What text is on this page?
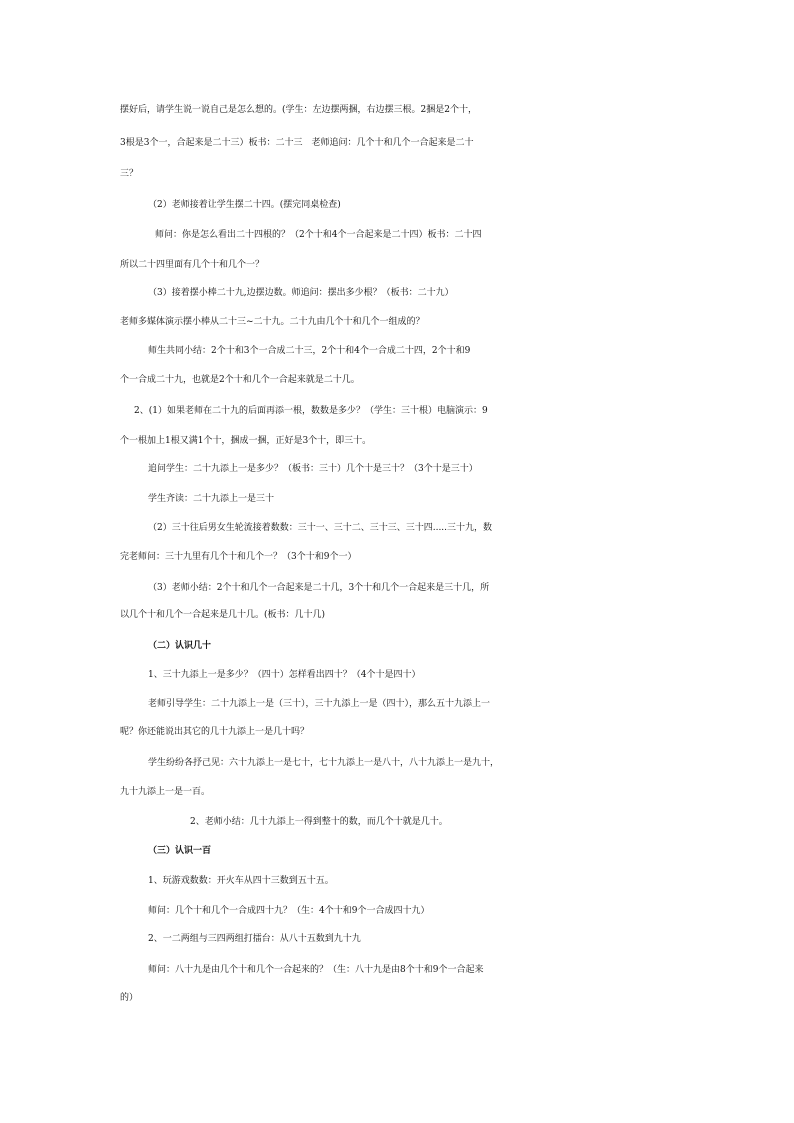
摆好后，请学生说一说自己是怎么想的。(学生：左边摆两捆，右边摆三根。2捆是2个十，
3根是3个一，合起来是二十三）板书：二十三　老师追问：几个十和几个一合起来是二十
三？
（2）老师接着让学生摆二十四。(摆完同桌检查)
师问：你是怎么看出二十四根的？（2个十和4个一合起来是二十四）板书：二十四
所以二十四里面有几个十和几个一？
（3）接着摆小棒二十九,边摆边数。师追问：摆出多少根？（板书：二十九）
老师多媒体演示摆小棒从二十三~二十九。二十九由几个十和几个一组成的？
师生共同小结：2个十和3个一合成二十三，2个十和4个一合成二十四，2个十和9
个一合成二十九，也就是2个十和几个一合起来就是二十几。
2、(1）如果老师在二十九的后面再添一根，数数是多少？（学生：三十根）电脑演示：9
个一根加上1根又满1个十，捆成一捆，正好是3个十，即三十。
追问学生：二十九添上一是多少？（板书：三十）几个十是三十？（3个十是三十）
学生齐读：二十九添上一是三十
（2）三十往后男女生轮流接着数数：三十一、三十二、三十三、三十四.....三十九，数
完老师问：三十九里有几个十和几个一？（3个十和9个一）
（3）老师小结：2个十和几个一合起来是二十几，3个十和几个一合起来是三十几，所
以几个十和几个一合起来是几十几。(板书：几十几)
（二）认识几十
1、三十九添上一是多少？（四十）怎样看出四十？（4个十是四十）
老师引导学生：二十九添上一是（三十），三十九添上一是（四十），那么五十九添上一
呢？你还能说出其它的几十九添上一是几十吗？
学生纷纷各抒己见：六十九添上一是七十，七十九添上一是八十，八十九添上一是九十，
九十九添上一是一百。
2、老师小结：几十九添上一得到整十的数，而几个十就是几十。
（三）认识一百
1、玩游戏数数：开火车从四十三数到五十五。
师问：几个十和几个一合成四十九？（生：4个十和9个一合成四十九）
2、一二两组与三四两组打擂台：从八十五数到九十九
师问：八十九是由几个十和几个一合起来的？（生：八十九是由8个十和9个一合起来
的）
